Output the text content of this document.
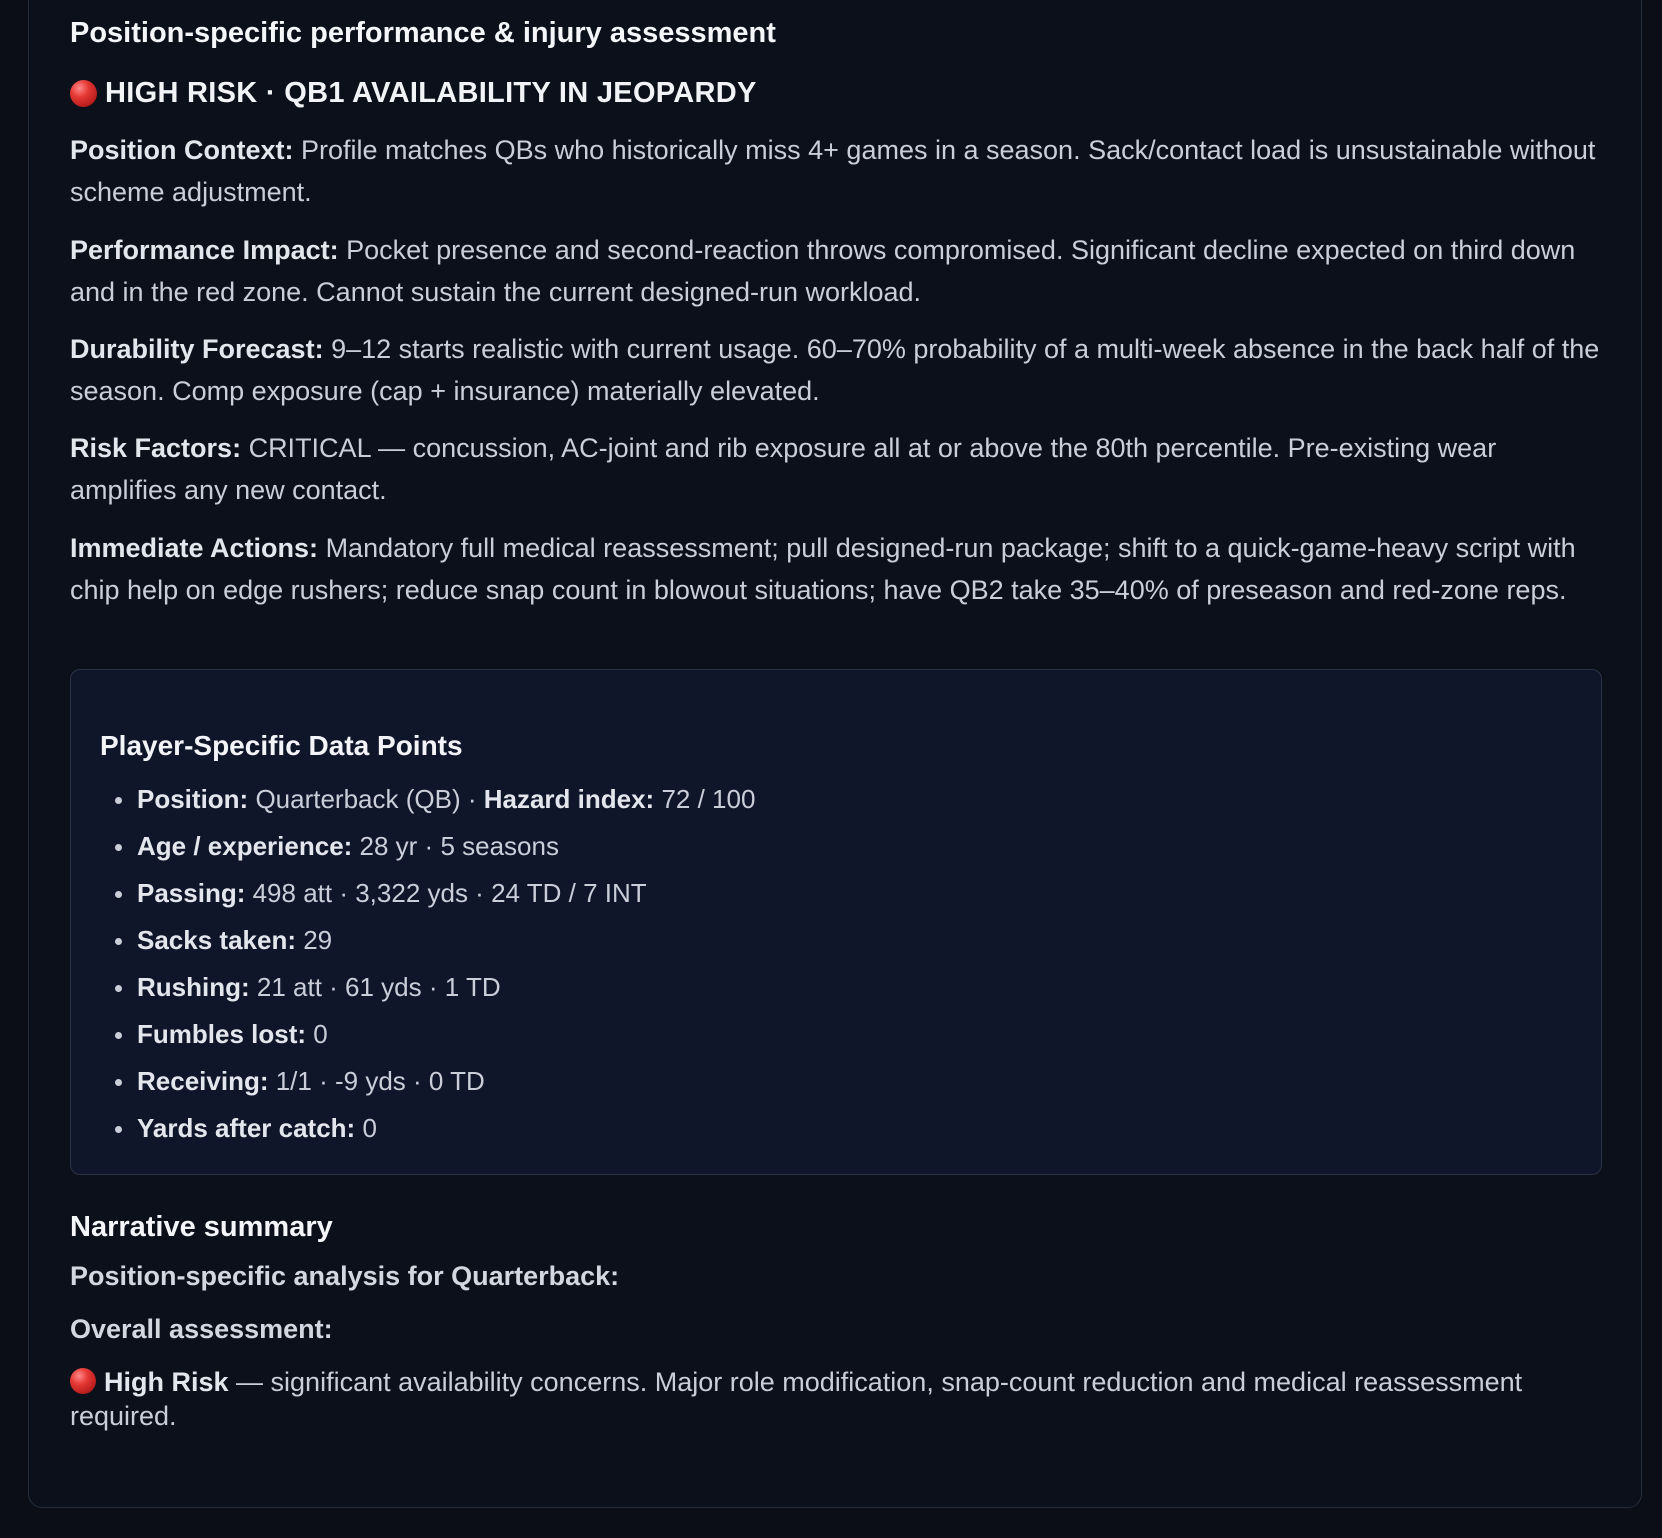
Position-specific performance & injury assessment
HIGH RISK · QB1 AVAILABILITY IN JEOPARDY

Position Context: Profile matches QBs who historically miss 4+ games in a season. Sack/contact load is unsustainable without scheme adjustment.

Performance Impact: Pocket presence and second-reaction throws compromised. Significant decline expected on third down and in the red zone. Cannot sustain the current designed-run workload.

Durability Forecast: 9–12 starts realistic with current usage. 60–70% probability of a multi-week absence in the back half of the season. Comp exposure (cap + insurance) materially elevated.

Risk Factors: CRITICAL — concussion, AC-joint and rib exposure all at or above the 80th percentile. Pre-existing wear amplifies any new contact.

Immediate Actions: Mandatory full medical reassessment; pull designed-run package; shift to a quick-game-heavy script with chip help on edge rushers; reduce snap count in blowout situations; have QB2 take 35–40% of preseason and red-zone reps.

Player-Specific Data Points
Position: Quarterback (QB) · Hazard index: 72 / 100
Age / experience: 28 yr · 5 seasons
Passing: 498 att · 3,322 yds · 24 TD / 7 INT
Sacks taken: 29
Rushing: 21 att · 61 yds · 1 TD
Fumbles lost: 0
Receiving: 1/1 · -9 yds · 0 TD
Yards after catch: 0
Narrative summary

Position-specific analysis for Quarterback:

Overall assessment:

High Risk — significant availability concerns. Major role modification, snap-count reduction and medical reassessment required.
